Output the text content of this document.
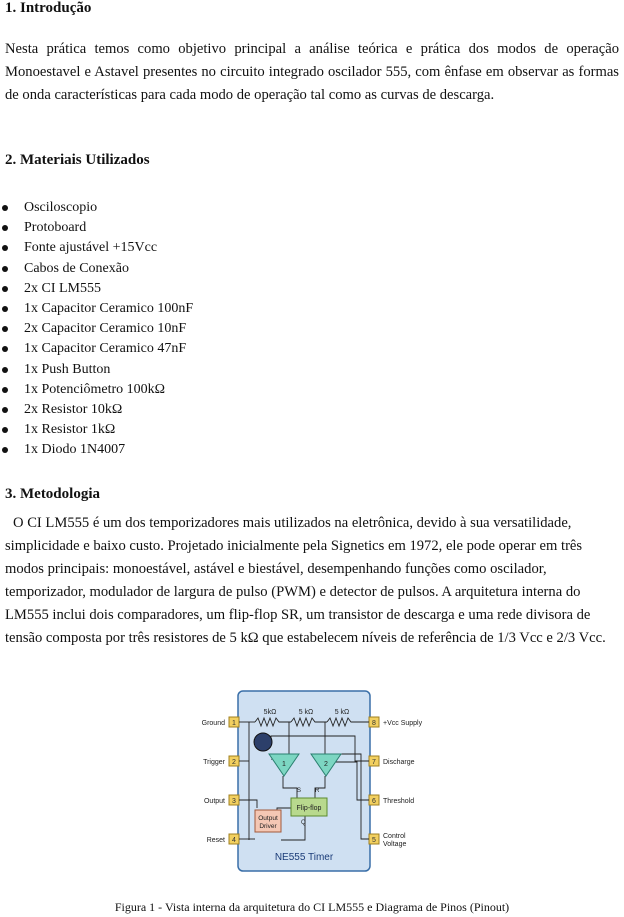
1. Introdução

Nesta prática temos como objetivo principal a análise teórica e prática dos modos de operação Monoestavel e Astavel presentes no circuito integrado oscilador 555, com ênfase em observar as formas de onda características para cada modo de operação tal como as curvas de descarga.

2. Materiais Utilizados
Osciloscopio
Protoboard
Fonte ajustável +15Vcc
Cabos de Conexão
2x CI LM555
1x Capacitor Ceramico 100nF
2x Capacitor Ceramico 10nF
1x Capacitor Ceramico 47nF
1x Push Button
1x Potenciômetro 100kΩ
2x Resistor 10kΩ
1x Resistor 1kΩ
1x Diodo 1N4007
3. Metodologia

O CI LM555 é um dos temporizadores mais utilizados na eletrônica, devido à sua versatilidade, simplicidade e baixo custo. Projetado inicialmente pela Signetics em 1972, ele pode operar em três modos principais: monoestável, astável e biestável, desempenhando funções como oscilador, temporizador, modulador de largura de pulso (PWM) e detector de pulsos. A arquitetura interna do LM555 inclui dois comparadores, um flip-flop SR, um transistor de descarga e uma rede divisora de tensão composta por três resistores de 5 kΩ que estabelecem níveis de referência de 1/3 Vcc e 2/3 Vcc.

1
2
3
4
8
7
6
5
Ground
Trigger
Output
Reset
+Vcc Supply
Discharge
Threshold
Control
Voltage
5kΩ	5 kΩ	5 kΩ
1	2
S R
Flip-flop
Q
Output
Driver
NE555 Timer
Figura 1 - Vista interna da arquitetura do CI LM555 e Diagrama de Pinos (Pinout)
